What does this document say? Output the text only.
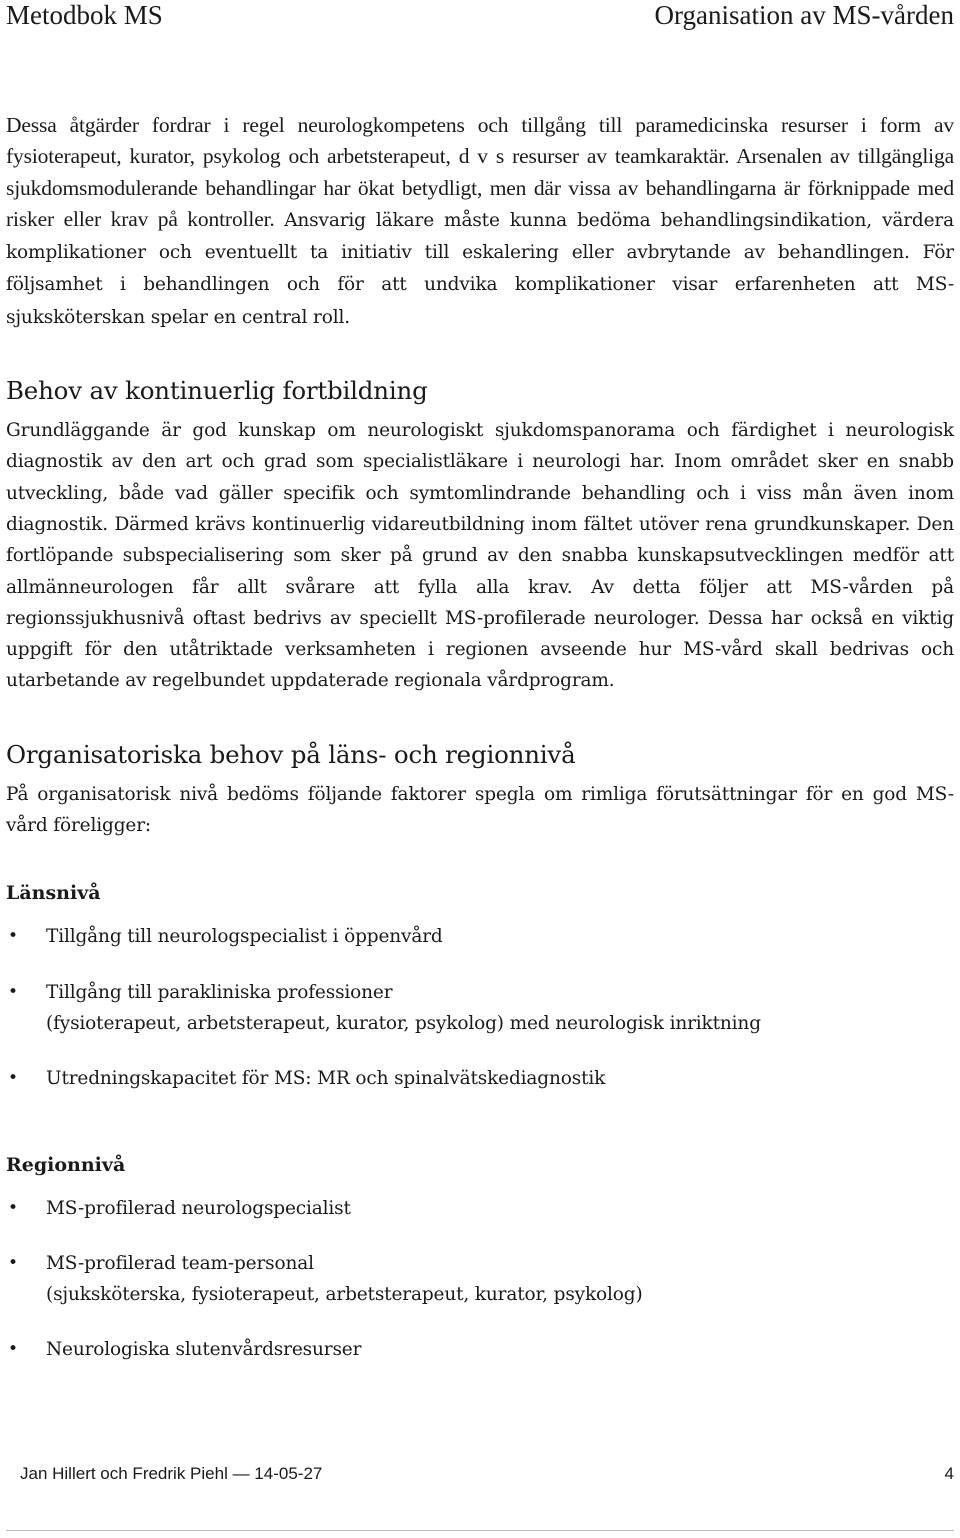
Metodbok MS	Organisation av MS-vården

Dessa åtgärder fordrar i regel neurologkompetens och tillgång till paramedicinska resurser i form av fysioterapeut, kurator, psykolog och arbetsterapeut, d v s resurser av teamkaraktär. Arsenalen av tillgängliga sjukdomsmodulerande behandlingar har ökat betydligt, men där vissa av behandlingarna är förknippade med risker eller krav på kontroller. Ansvarig läkare måste kunna bedöma behandlingsindikation, värdera komplikationer och eventuellt ta initiativ till eskalering eller avbrytande av behandlingen. För följsamhet i behandlingen och för att undvika komplikationer visar erfarenheten att MS-sjuksköterskan spelar en central roll.

Behov av kontinuerlig fortbildning

Grundläggande är god kunskap om neurologiskt sjukdomspanorama och färdighet i neurologisk diagnostik av den art och grad som specialistläkare i neurologi har. Inom området sker en snabb utveckling, både vad gäller specifik och symtomlindrande behandling och i viss mån även inom diagnostik. Därmed krävs kontinuerlig vidareutbildning inom fältet utöver rena grundkunskaper. Den fortlöpande subspecialisering som sker på grund av den snabba kunskapsutvecklingen medför att allmänneurologen får allt svårare att fylla alla krav. Av detta följer att MS-vården på regionssjukhusnivå oftast bedrivs av speciellt MS-profilerade neurologer. Dessa har också en viktig uppgift för den utåtriktade verksamheten i regionen avseende hur MS-vård skall bedrivas och utarbetande av regelbundet uppdaterade regionala vårdprogram.

Organisatoriska behov på läns- och regionnivå

På organisatorisk nivå bedöms följande faktorer spegla om rimliga förutsättningar för en god MS-vård föreligger:

Länsnivå
• Tillgång till neurologspecialist i öppenvård
• Tillgång till parakliniska professioner
(fysioterapeut, arbetsterapeut, kurator, psykolog) med neurologisk inriktning
• Utredningskapacitet för MS: MR och spinalvätskediagnostik
Regionnivå
• MS-profilerad neurologspecialist
• MS-profilerad team-personal
(sjuksköterska, fysioterapeut, arbetsterapeut, kurator, psykolog)
• Neurologiska slutenvårdsresurser
Jan Hillert och Fredrik Piehl — 14-05-27	4
